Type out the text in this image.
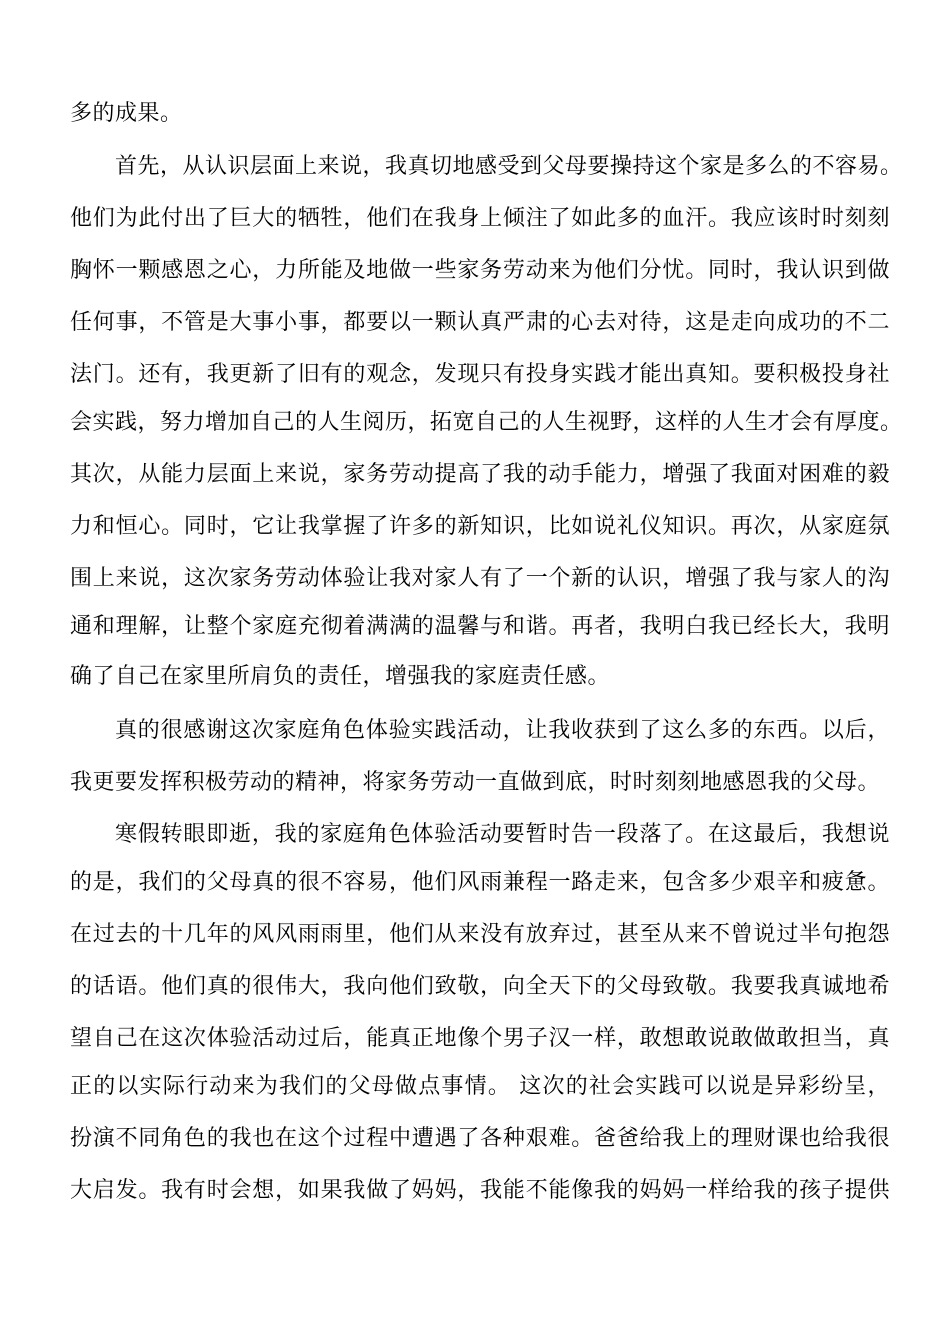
多的成果。
首先，从认识层面上来说，我真切地感受到父母要操持这个家是多么的不容易。
他们为此付出了巨大的牺牲，他们在我身上倾注了如此多的血汗。我应该时时刻刻
胸怀一颗感恩之心，力所能及地做一些家务劳动来为他们分忧。同时，我认识到做
任何事，不管是大事小事，都要以一颗认真严肃的心去对待，这是走向成功的不二
法门。还有，我更新了旧有的观念，发现只有投身实践才能出真知。要积极投身社
会实践，努力增加自己的人生阅历，拓宽自己的人生视野，这样的人生才会有厚度。
其次，从能力层面上来说，家务劳动提高了我的动手能力，增强了我面对困难的毅
力和恒心。同时，它让我掌握了许多的新知识，比如说礼仪知识。再次，从家庭氛
围上来说，这次家务劳动体验让我对家人有了一个新的认识，增强了我与家人的沟
通和理解，让整个家庭充彻着满满的温馨与和谐。再者，我明白我已经长大，我明
确了自己在家里所肩负的责任，增强我的家庭责任感。
真的很感谢这次家庭角色体验实践活动，让我收获到了这么多的东西。以后，
我更要发挥积极劳动的精神，将家务劳动一直做到底，时时刻刻地感恩我的父母。
寒假转眼即逝，我的家庭角色体验活动要暂时告一段落了。在这最后，我想说
的是，我们的父母真的很不容易，他们风雨兼程一路走来，包含多少艰辛和疲惫。
在过去的十几年的风风雨雨里，他们从来没有放弃过，甚至从来不曾说过半句抱怨
的话语。他们真的很伟大，我向他们致敬，向全天下的父母致敬。我要我真诚地希
望自己在这次体验活动过后，能真正地像个男子汉一样，敢想敢说敢做敢担当，真
正的以实际行动来为我们的父母做点事情。 这次的社会实践可以说是异彩纷呈，
扮演不同角色的我也在这个过程中遭遇了各种艰难。爸爸给我上的理财课也给我很
大启发。我有时会想，如果我做了妈妈，我能不能像我的妈妈一样给我的孩子提供
